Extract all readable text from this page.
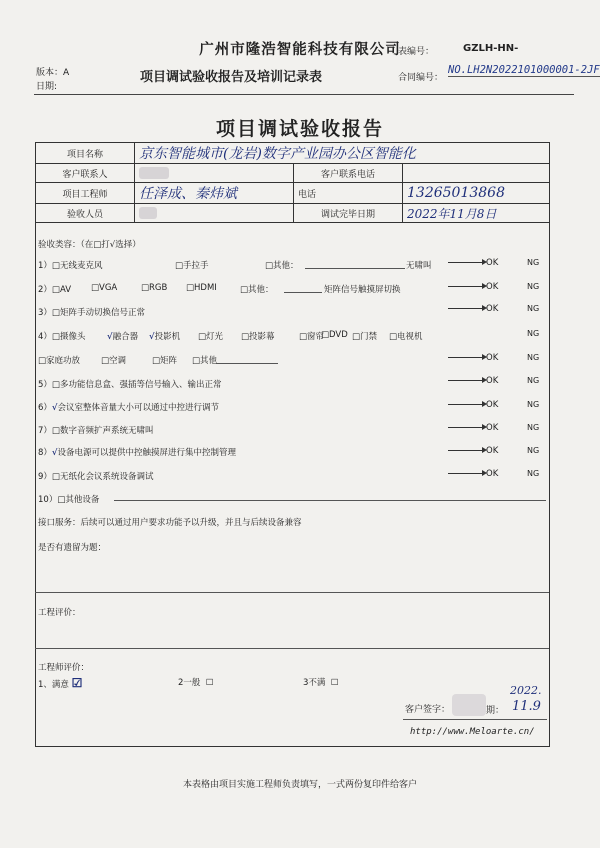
广州市隆浩智能科技有限公司
表编号：	GZLH-HN-
版本：A
日期:
项目调试验收报告及培训记录表	合同编号：
NO.LH2N2022101000001-2JF
项目调试验收报告
项目名称	京东智能城市(龙岩)数字产业园办公区智能化		
客户联系人		客户联系电话	
项目工程师	任泽成、秦炜斌	电话	13265013868
验收人员		调试完毕日期	2022年11月8日
验收类容：（在□打√选择）
1）□无线麦克风	□手拉手	□其他：	无啸叫	OK	NG
2）□AV □VGA	□RGB □HDMI	□其他：	矩阵信号触摸屏切换	OK	NG
3）□矩阵手动切换信号正常	OK	NG
4）□摄像头	√融合器 √投影机 □灯光 □投影幕	□窗帘
□DVD □门禁 □电视机	NG
□家庭功放 □空调	□矩阵 □其他	OK	NG
5）□多功能信息盒、强插等信号输入、输出正常	OK	NG
6）√会议室整体音量大小可以通过中控进行调节	OK	NG
7）□数字音频扩声系统无啸叫	OK	NG
8）√设备电源可以提供中控触摸屏进行集中控制管理	OK	NG
9）□无纸化会议系统设备调试	OK	NG
10）□其他设备
接口服务：后续可以通过用户要求功能予以升级，并且与后续设备兼容
是否有遗留为题：
工程评价：
工程师评价：
1、满意 ☑	2一般 ☐	3不满 ☐
2022.
客户签字：	期： 11.9
http://www.Meloarte.cn/
本表格由项目实施工程师负责填写，一式两份复印件给客户
